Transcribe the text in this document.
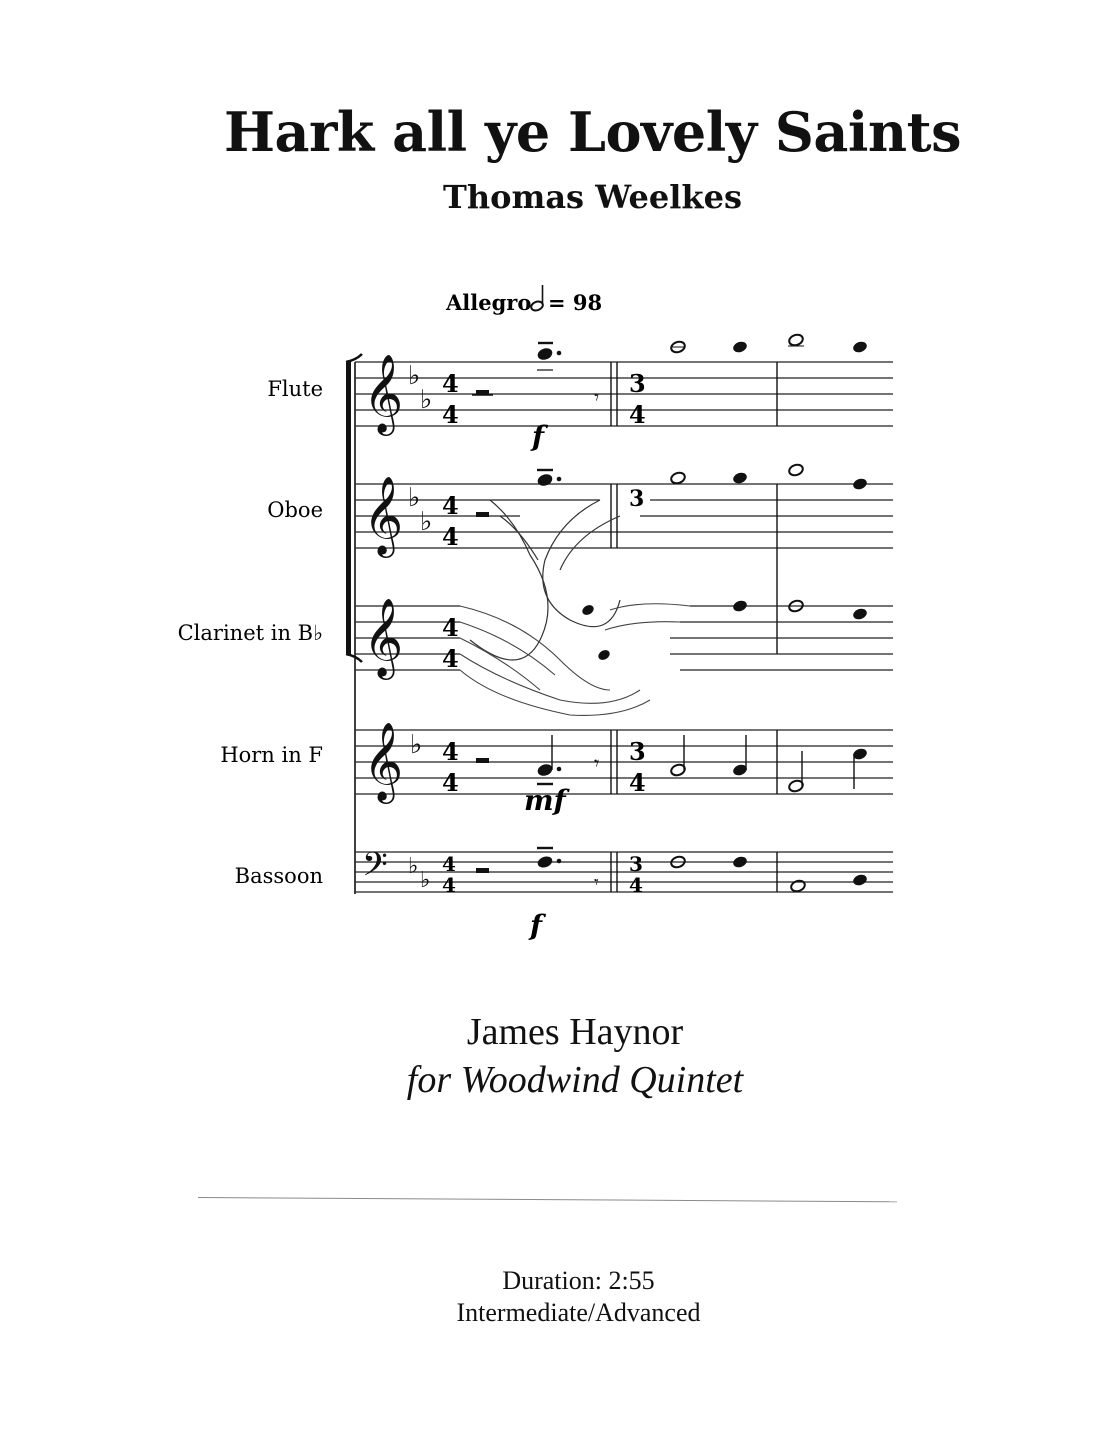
Hark all ye Lovely Saints
Thomas Weelkes
Allegro = 98
Flute 𝄞 ♭
♭
4
4
𝄾
f
3
4
Oboe 𝄞 ♭
♭
4
4
3
Clarinet in B♭ 𝄞 4
4
Horn in F 𝄞 ♭ 4
4
𝄾
mf
3
4
Bassoon 𝄢 ♭
♭
4
4	𝄾
f
3
4
James Haynor
for Woodwind Quintet
Duration: 2:55
Intermediate/Advanced
